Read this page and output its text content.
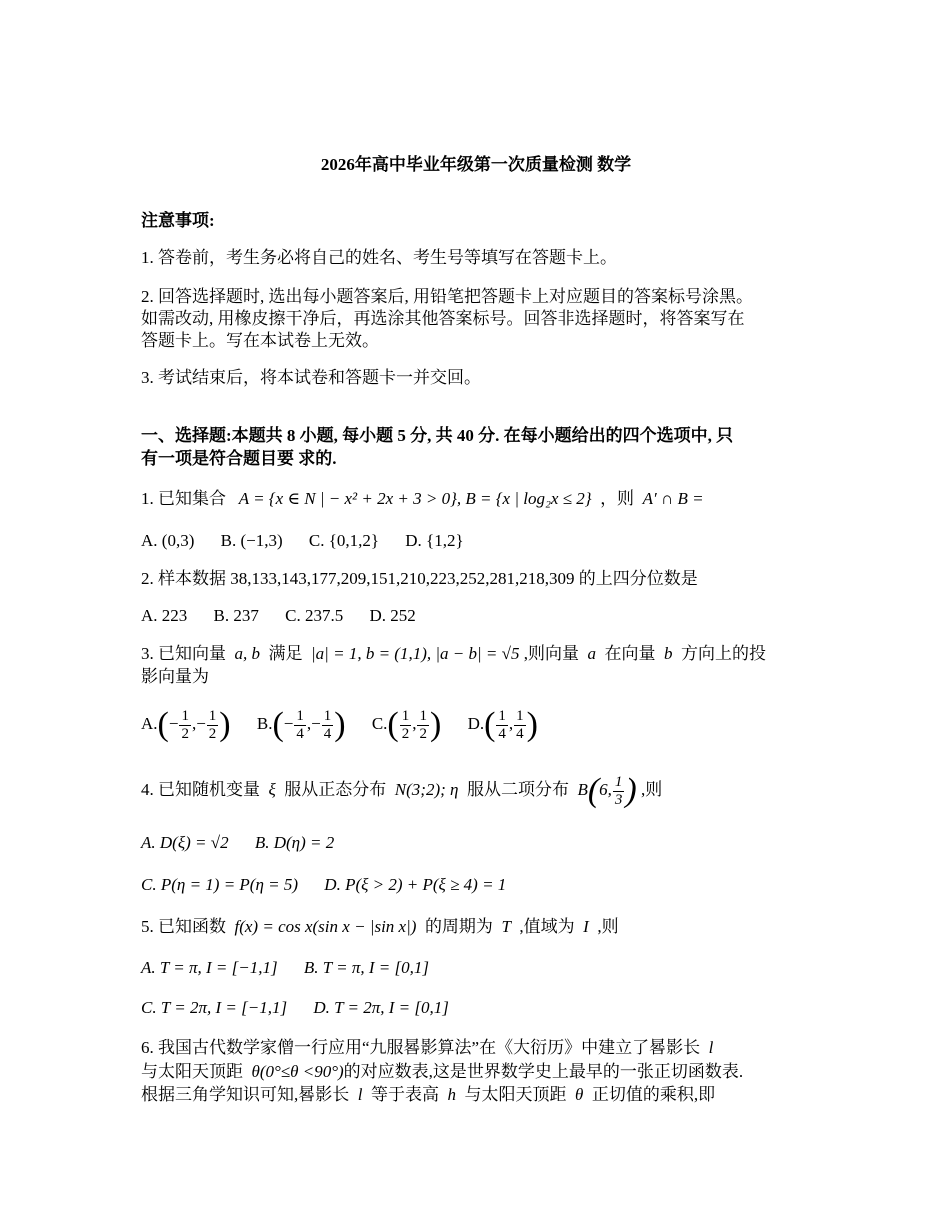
2026年高中毕业年级第一次质量检测 数学
注意事项:
1. 答卷前，考生务必将自己的姓名、考生号等填写在答题卡上。
2. 回答选择题时, 选出每小题答案后, 用铅笔把答题卡上对应题目的答案标号涂黑。
如需改动, 用橡皮擦干净后，再选涂其他答案标号。回答非选择题时，将答案写在
答题卡上。写在本试卷上无效。
3. 考试结束后，将本试卷和答题卡一并交回。
一、选择题:本题共 8 小题, 每小题 5 分, 共 40 分. 在每小题给出的四个选项中, 只
有一项是符合题目要 求的.
1. 已知集合 A = {x ∈ N | − x² + 2x + 3 > 0}, B = {x | log₂x ≤ 2} ，则 A′ ∩ B =
A. (0,3) B. (−1,3) C. {0,1,2} D. {1,2}
2. 样本数据 38,133,143,177,209,151,210,223,252,281,218,309 的上四分位数是
A. 223 B. 237 C. 237.5 D. 252
3. 已知向量 a, b 满足 |a| = 1, b = (1,1), |a − b| = √5 ,则向量 a 在向量 b 方向上的投
影向量为
$A.(- \frac{1}{2}$ ,− $\frac{1}{2}$ ) $B.(- \frac{1}{4}$ ,− $\frac{1}{4}$ ) $C.( \frac{1}{2}$ , $\frac{1}{2}$ ) $D.( \frac{1}{4}$ , $\frac{1}{4}$ )
4. 已知随机变量 ξ 服从正态分布 N(3;2); η 服从二项分布 B(6, $\frac{1}{3}$ ) ,则
A. D(ξ) = √2 B. D(η) = 2
C. P(η = 1) = P(η = 5) D. P(ξ > 2) + P(ξ ≥ 4) = 1
5. 已知函数 f(x) = cos x(sin x − |sin x|) 的周期为 T ,值域为 I ,则
A. T = π, I = [−1,1] B. T = π, I = [0,1]
C. T = 2π, I = [−1,1] D. T = 2π, I = [0,1]
6. 我国古代数学家僧一行应用“九服晷影算法”在《大衍历》中建立了晷影长 l
与太阳天顶距 θ(0°≤θ <90°)的对应数表,这是世界数学史上最早的一张正切函数表.
根据三角学知识可知,晷影长 l 等于表高 h 与太阳天顶距 θ 正切值的乘积,即
